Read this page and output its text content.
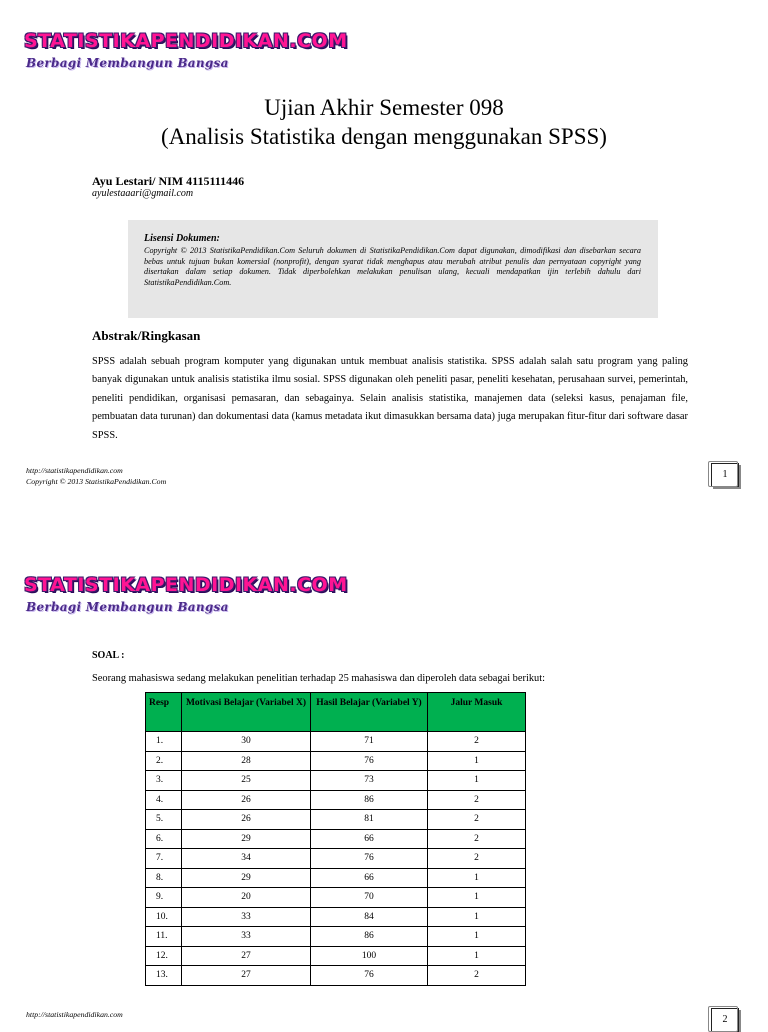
STATISTIKAPENDIDIKAN.COM
Berbagi Membangun Bangsa
Ujian Akhir Semester 098
(Analisis Statistika dengan menggunakan SPSS)
Ayu Lestari/ NIM 4115111446
ayulestaaari@gmail.com
Lisensi Dokumen:
Copyright © 2013 StatistikaPendidikan.Com Seluruh dokumen di StatistikaPendidikan.Com dapat digunakan, dimodifikasi dan disebarkan secara bebas untuk tujuan bukan komersial (nonprofit), dengan syarat tidak menghapus atau merubah atribut penulis dan pernyataan copyright yang disertakan dalam setiap dokumen. Tidak diperbolehkan melakukan penulisan ulang, kecuali mendapatkan ijin terlebih dahulu dari StatistikaPendidikan.Com.
Abstrak/Ringkasan
SPSS adalah sebuah program komputer yang digunakan untuk membuat analisis statistika. SPSS adalah salah satu program yang paling banyak digunakan untuk analisis statistika ilmu sosial. SPSS digunakan oleh peneliti pasar, peneliti kesehatan, perusahaan survei, pemerintah, peneliti pendidikan, organisasi pemasaran, dan sebagainya. Selain analisis statistika, manajemen data (seleksi kasus, penajaman file, pembuatan data turunan) dan dokumentasi data (kamus metadata ikut dimasukkan bersama data) juga merupakan fitur-fitur dari software dasar SPSS.
http://statistikapendidikan.com
Copyright © 2013 StatistikaPendidikan.Com
1
STATISTIKAPENDIDIKAN.COM
Berbagi Membangun Bangsa
SOAL :
Seorang mahasiswa sedang melakukan penelitian terhadap 25 mahasiswa dan diperoleh data sebagai berikut:
Resp	Motivasi Belajar (Variabel X)	Hasil Belajar (Variabel Y)	Jalur Masuk
1.	30	71	2
2.	28	76	1
3.	25	73	1
4.	26	86	2
5.	26	81	2
6.	29	66	2
7.	34	76	2
8.	29	66	1
9.	20	70	1
10.	33	84	1
11.	33	86	1
12.	27	100	1
13.	27	76	2
http://statistikapendidikan.com	2
